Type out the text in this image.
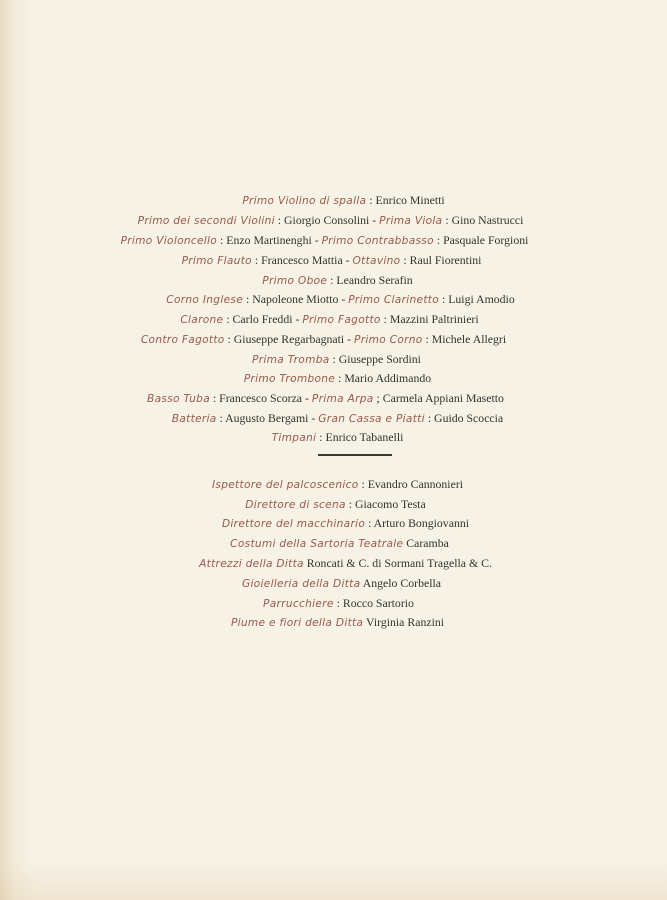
Primo Violino di spalla : Enrico Minetti
Primo dei secondi Violini : Giorgio Consolini - Prima Viola : Gino Nastrucci
Primo Violoncello : Enzo Martinenghi - Primo Contrabbasso : Pasquale Forgioni
Primo Flauto : Francesco Mattia - Ottavino : Raul Fiorentini
Primo Oboe : Leandro Serafin
Corno Inglese : Napoleone Miotto - Primo Clarinetto : Luigi Amodio
Clarone : Carlo Freddi - Primo Fagotto : Mazzini Paltrinieri
Contro Fagotto : Giuseppe Regarbagnati - Primo Corno : Michele Allegri
Prima Tromba : Giuseppe Sordini
Primo Trombone : Mario Addimando
Basso Tuba : Francesco Scorza - Prima Arpa ; Carmela Appiani Masetto
Batteria : Augusto Bergami - Gran Cassa e Piatti : Guido Scoccia
Timpani : Enrico Tabanelli
Ispettore del palcoscenico : Evandro Cannonieri
Direttore di scena : Giacomo Testa
Direttore del macchinario : Arturo Bongiovanni
Costumi della Sartoria Teatrale Caramba
Attrezzi della Ditta Roncati & C. di Sormani Tragella & C.
Gioielleria della Ditta Angelo Corbella
Parrucchiere : Rocco Sartorio
Piume e fiori della Ditta Virginia Ranzini
